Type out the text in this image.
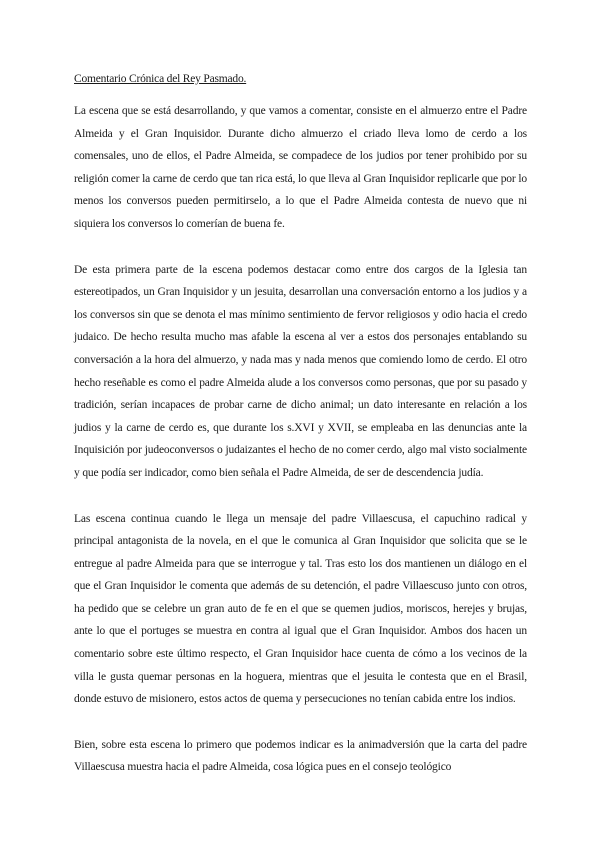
Comentario Crónica del Rey Pasmado.

La escena que se está desarrollando, y que vamos a comentar, consiste en el almuerzo entre el Padre Almeida y el Gran Inquisidor. Durante dicho almuerzo el criado lleva lomo de cerdo a los comensales, uno de ellos, el Padre Almeida, se compadece de los judios por tener prohibido por su religión comer la carne de cerdo que tan rica está, lo que lleva al Gran Inquisidor replicarle que por lo menos los conversos pueden permitirselo, a lo que el Padre Almeida contesta de nuevo que ni siquiera los conversos lo comerían de buena fe.

De esta primera parte de la escena podemos destacar como entre dos cargos de la Iglesia tan estereotipados, un Gran Inquisidor y un jesuita, desarrollan una conversación entorno a los judios y a los conversos sin que se denota el mas mínimo sentimiento de fervor religiosos y odio hacia el credo judaico. De hecho resulta mucho mas afable la escena al ver a estos dos personajes entablando su conversación a la hora del almuerzo, y nada mas y nada menos que comiendo lomo de cerdo. El otro hecho reseñable es como el padre Almeida alude a los conversos como personas, que por su pasado y tradición, serían incapaces de probar carne de dicho animal; un dato interesante en relación a los judios y la carne de cerdo es, que durante los s.XVI y XVII, se empleaba en las denuncias ante la Inquisición por judeoconversos o judaizantes el hecho de no comer cerdo, algo mal visto socialmente y que podía ser indicador, como bien señala el Padre Almeida, de ser de descendencia judía.

Las escena continua cuando le llega un mensaje del padre Villaescusa, el capuchino radical y principal antagonista de la novela, en el que le comunica al Gran Inquisidor que solicita que se le entregue al padre Almeida para que se interrogue y tal. Tras esto los dos mantienen un diálogo en el que el Gran Inquisidor le comenta que además de su detención, el padre Villaescuso junto con otros, ha pedido que se celebre un gran auto de fe en el que se quemen judios, moriscos, herejes y brujas, ante lo que el portuges se muestra en contra al igual que el Gran Inquisidor. Ambos dos hacen un comentario sobre este último respecto, el Gran Inquisidor hace cuenta de cómo a los vecinos de la villa le gusta quemar personas en la hoguera, mientras que el jesuita le contesta que en el Brasil, donde estuvo de misionero, estos actos de quema y persecuciones no tenían cabida entre los indios.

Bien, sobre esta escena lo primero que podemos indicar es la animadversión que la carta del padre Villaescusa muestra hacia el padre Almeida, cosa lógica pues en el consejo teológico
